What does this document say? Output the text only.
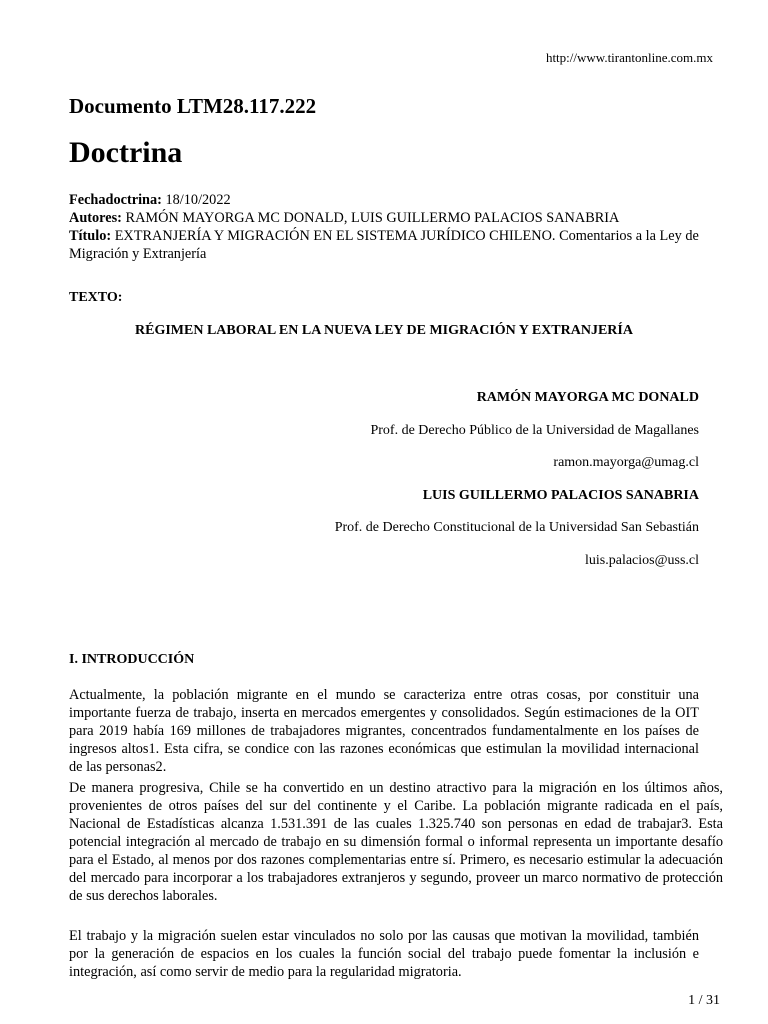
http://www.tirantonline.com.mx
Documento LTM28.117.222
Doctrina

Fechadoctrina: 18/10/2022

Autores: RAMÓN MAYORGA MC DONALD, LUIS GUILLERMO PALACIOS SANABRIA

Título: EXTRANJERÍA Y MIGRACIÓN EN EL SISTEMA JURÍDICO CHILENO. Comentarios a la Ley de Migración y Extranjería

TEXTO:
RÉGIMEN LABORAL EN LA NUEVA LEY DE MIGRACIÓN Y EXTRANJERÍA
RAMÓN MAYORGA MC DONALD
Prof. de Derecho Público de la Universidad de Magallanes
ramon.mayorga@umag.cl
LUIS GUILLERMO PALACIOS SANABRIA
Prof. de Derecho Constitucional de la Universidad San Sebastián
luis.palacios@uss.cl
I. INTRODUCCIÓN

Actualmente, la población migrante en el mundo se caracteriza entre otras cosas, por constituir una importante fuerza de trabajo, inserta en mercados emergentes y consolidados. Según estimaciones de la OIT para 2019 había 169 millones de trabajadores migrantes, concentrados fundamentalmente en los países de ingresos altos1. Esta cifra, se condice con las razones económicas que estimulan la movilidad internacional de las personas2.

De manera progresiva, Chile se ha convertido en un destino atractivo para la migración en los últimos años, provenientes de otros países del sur del continente y el Caribe. La población migrante radicada en el país, Nacional de Estadísticas alcanza 1.531.391 de las cuales 1.325.740 son personas en edad de trabajar3. Esta potencial integración al mercado de trabajo en su dimensión formal o informal representa un importante desafío para el Estado, al menos por dos razones complementarias entre sí. Primero, es necesario estimular la adecuación del mercado para incorporar a los trabajadores extranjeros y segundo, proveer un marco normativo de protección de sus derechos laborales.

El trabajo y la migración suelen estar vinculados no solo por las causas que motivan la movilidad, también por la generación de espacios en los cuales la función social del trabajo puede fomentar la inclusión e integración, así como servir de medio para la regularidad migratoria.

1 / 31
